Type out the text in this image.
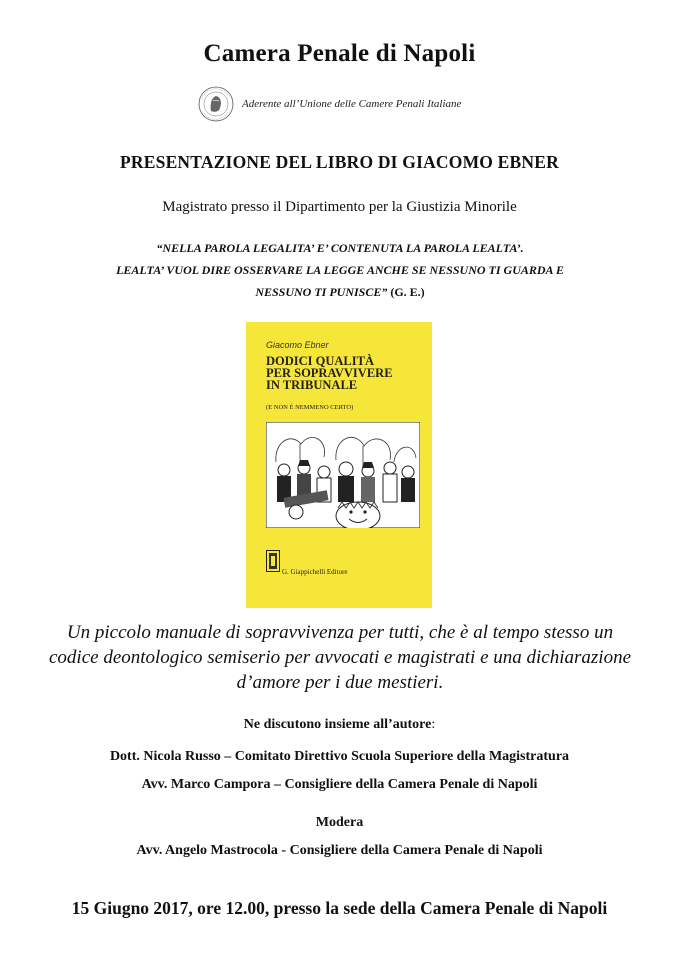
Camera Penale di Napoli
Aderente all’Unione delle Camere Penali Italiane
PRESENTAZIONE DEL LIBRO DI GIACOMO EBNER
Magistrato presso il Dipartimento per la Giustizia Minorile
“NELLA PAROLA LEGALITA’ E’ CONTENUTA LA PAROLA LEALTA’.
LEALTA’ VUOL DIRE OSSERVARE LA LEGGE ANCHE SE NESSUNO TI GUARDA E
NESSUNO TI PUNISCE” (G. E.)
Giacomo Ebner
DODICI QUALITÀ
PER SOPRAVVIVERE
IN TRIBUNALE
(E NON È NEMMENO CERTO)
G. Giappichelli Editore
Un piccolo manuale di sopravvivenza per tutti, che è al tempo stesso un codice deontologico semiserio per avvocati e magistrati e una dichiarazione d’amore per i due mestieri.
Ne discutono insieme all’autore:
Dott. Nicola Russo – Comitato Direttivo Scuola Superiore della Magistratura
Avv. Marco Campora – Consigliere della Camera Penale di Napoli
Modera
Avv. Angelo Mastrocola - Consigliere della Camera Penale di Napoli
15 Giugno 2017, ore 12.00, presso la sede della Camera Penale di Napoli
